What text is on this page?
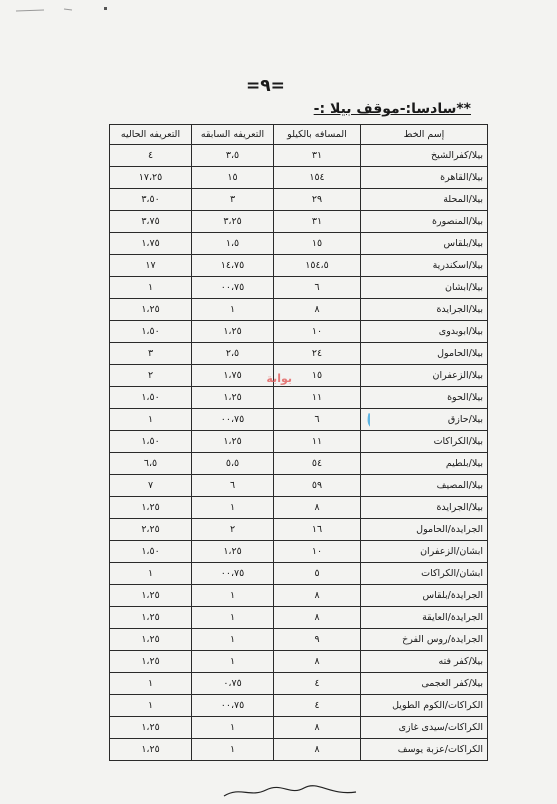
=٩=
**سادسا:-موقف بيلا :-
إسم الخط	المسافه بالكيلو	التعريفه السابقه	التعريفه الحاليه
بيلا/كفرالشيخ	٣١	٣،٥	٤
بيلا/القاهرة	١٥٤	١٥	١٧،٢٥
بيلا/المحلة	٢٩	٣	٣،٥٠
بيلا/المنصورة	٣١	٣،٢٥	٣،٧٥
بيلا/بلقاس	١٥	١،٥	١،٧٥
بيلا/اسكندرية	١٥٤،٥	١٤،٧٥	١٧
بيلا/ابشان	٦	٠٠،٧٥	١
بيلا/الجرايدة	٨	١	١،٢٥
بيلا/ابوبدوى	١٠	١،٢٥	١،٥٠
بيلا/الحامول	٢٤	٢،٥	٣
بيلا/الزعفران	١٥	١،٧٥	٢
بيلا/الحوة	١١	١،٢٥	١،٥٠
بيلا/حازق	٦	٠٠،٧٥	١
بيلا/الكراكات	١١	١،٢٥	١،٥٠
بيلا/بلطيم	٥٤	٥،٥	٦،٥
بيلا/المصيف	٥٩	٦	٧
بيلا/الجرايدة	٨	١	١،٢٥
الجرايدة/الحامول	١٦	٢	٢،٢٥
ابشان/الزعفران	١٠	١،٢٥	١،٥٠
ابشان/الكراكات	٥	٠٠،٧٥	١
الجرايدة/بلقاس	٨	١	١،٢٥
الجرايدة/العايقة	٨	١	١،٢٥
الجرايدة/روس الفرخ	٩	١	١،٢٥
بيلا/كفر فته	٨	١	١،٢٥
بيلا/كفر العجمى	٤	٠،٧٥	١
الكراكات/الكوم الطويل	٤	٠٠،٧٥	١
الكراكات/سيدى غازى	٨	١	١،٢٥
الكراكات/عزبة يوسف	٨	١	١،٢٥
بوابة
